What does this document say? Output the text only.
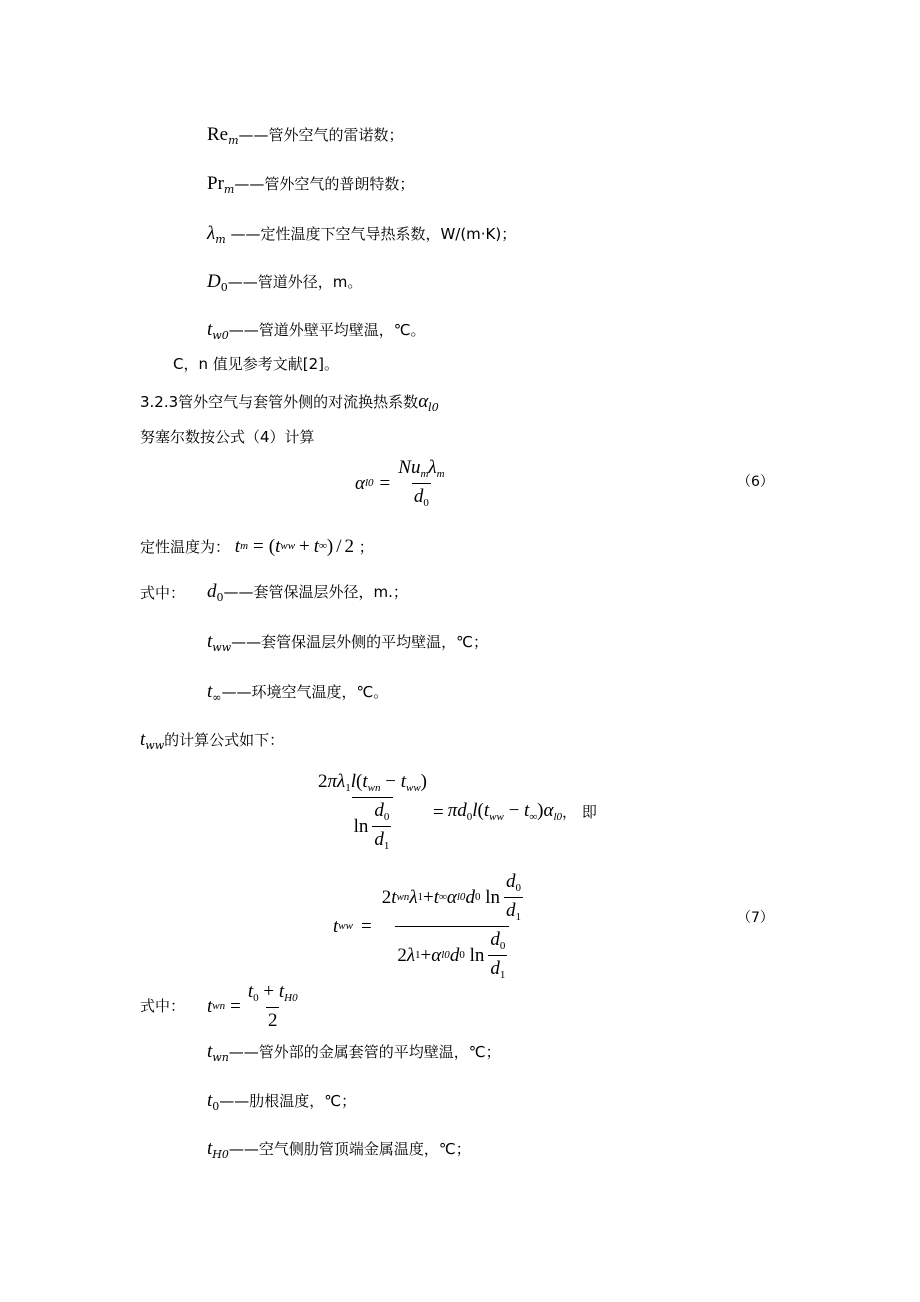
$Re_m——$管外空气的雷诺数；
$Pr_m——$管外空气的普朗特数；
$\lambda_m$ ——定性温度下空气导热系数，W/(m·K)；
$D_0——$管道外径，m。
$t_{w0}——$管道外壁平均壁温，℃。
C，n 值见参考文献[2]。
3.2.3管外空气与套管外侧的对流换热系数$\alpha_{l0}$
努塞尔数按公式（4）计算
α $l0 = \frac{Nu_m\lambda_m}{d_0}$	（6）
定性温度为： t m = ( t ww + t ∞ ) / 2 ；
式中： $d_0——$套管保温层外径，m.；
$t_{ww}——$套管保温层外侧的平均壁温，℃；
$t_\infty——$环境空气温度，℃。
$t_{ww}$的计算公式如下：
$\frac{2\pi\lambda_1l(t_{wn} - t_{ww})}{\ln \frac{d_0}{d_1}} = \pi d_0l(t_{ww} - t_\infty)\alpha_{l0}$ ， 即
t ww = $\frac{2 t wn \lambda 1 + t \infty \alpha l0 d 0 \ln \frac{d_0}{d_1}}{2 \lambda 1 + \alpha l0 d 0 \ln \frac{d_0}{d_1}}$	（7）
式中： t wn = $\frac{t_0 + t_{H0}}{2}$
$t_{wn}——$管外部的金属套管的平均壁温，℃；
$t_0——$肋根温度，℃；
$t_{H0}——$空气侧肋管顶端金属温度，℃；
